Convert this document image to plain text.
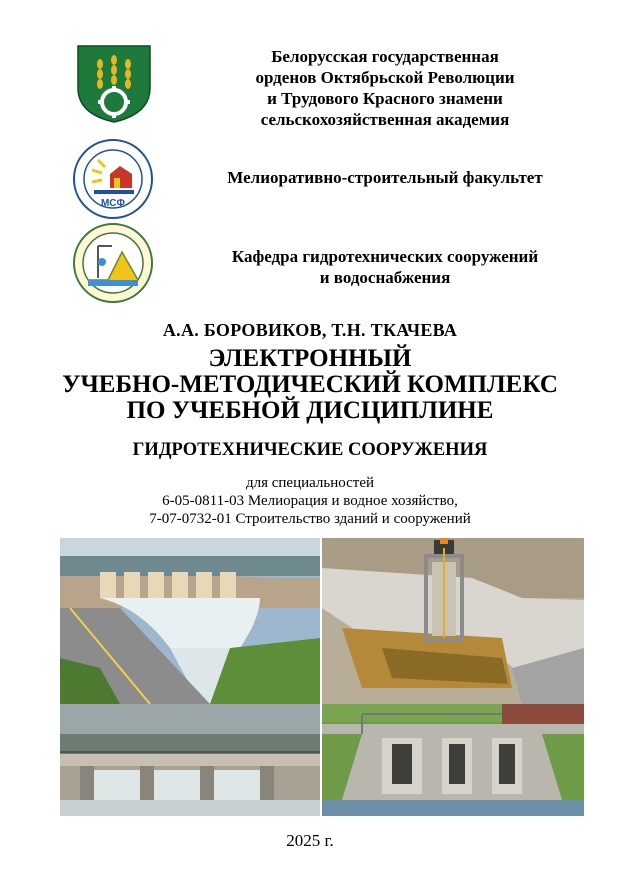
Белорусская государственная
орденов Октябрьской Революции
и Трудового Красного знамени
сельскохозяйственная академия
МСФ
Мелиоративно-строительный факультет
Кафедра гидротехнических сооружений
и водоснабжения
А.А. БОРОВИКОВ, Т.Н. ТКАЧЕВА
ЭЛЕКТРОННЫЙ
УЧЕБНО-МЕТОДИЧЕСКИЙ КОМПЛЕКС
ПО УЧЕБНОЙ ДИСЦИПЛИНЕ
ГИДРОТЕХНИЧЕСКИЕ СООРУЖЕНИЯ
для специальностей
6-05-0811-03 Мелиорация и водное хозяйство,
7-07-0732-01 Строительство зданий и сооружений
2025 г.
